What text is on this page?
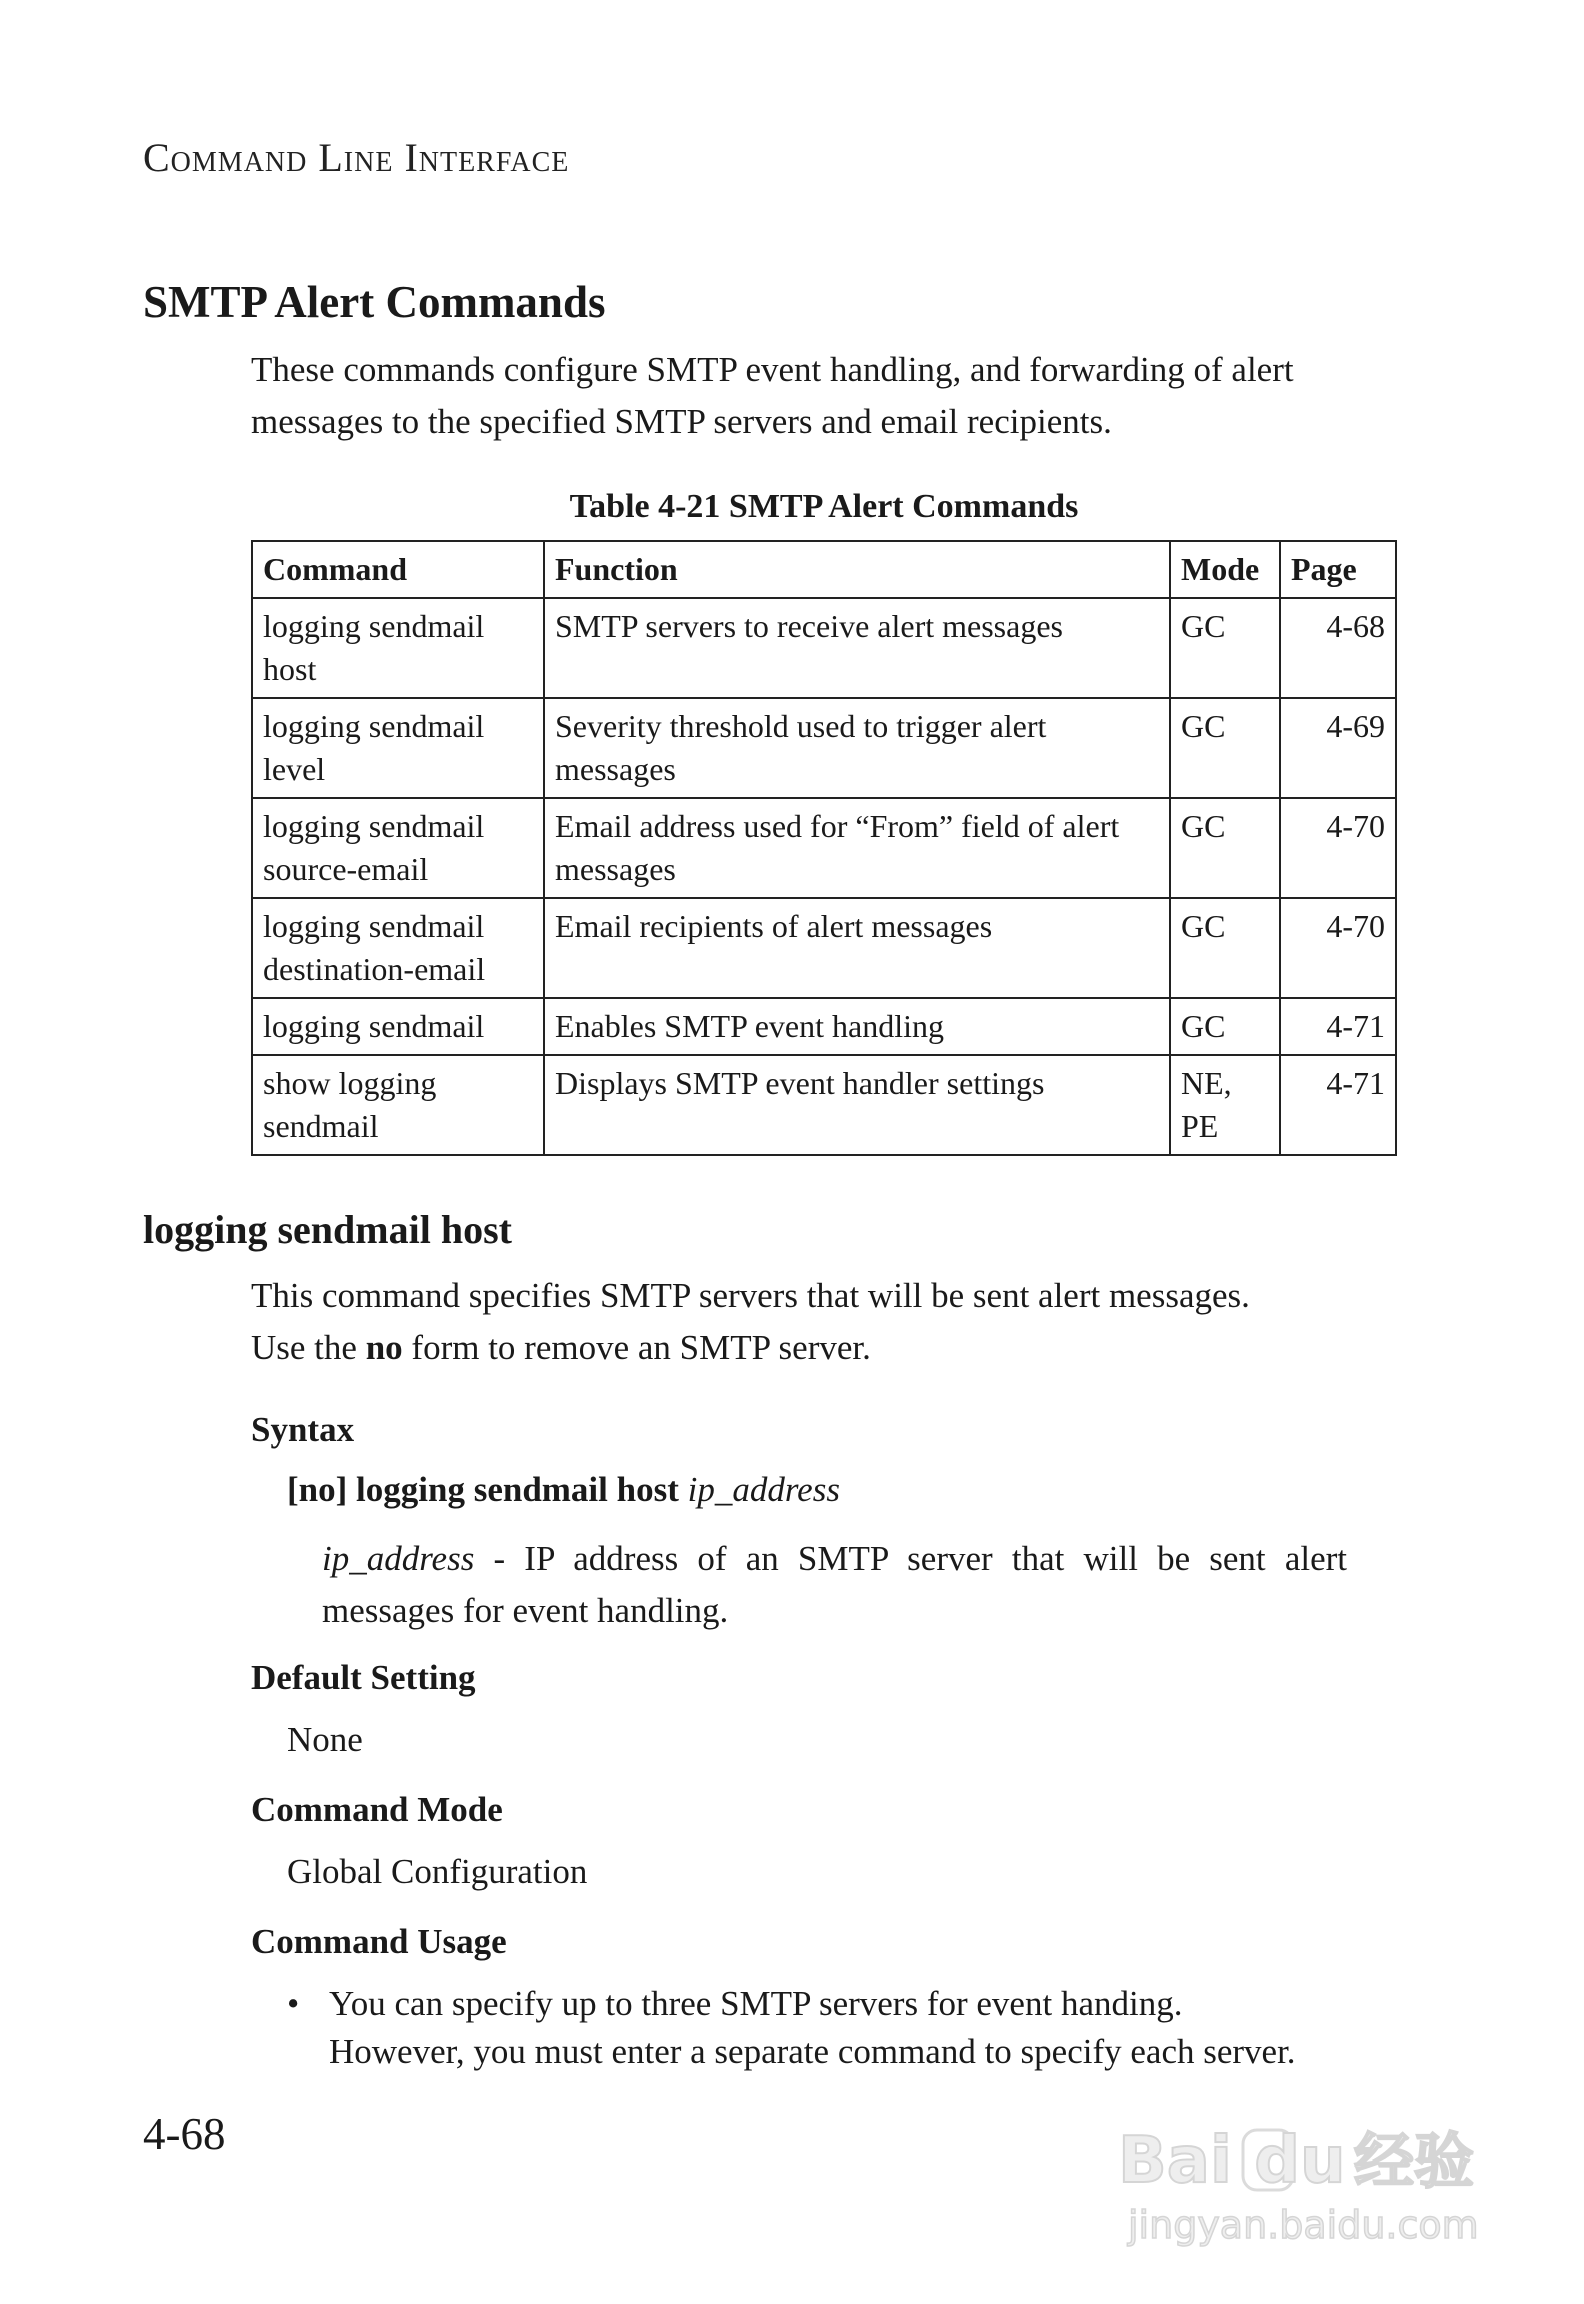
Command Line Interface
SMTP Alert Commands
These commands configure SMTP event handling, and forwarding of alert
messages to the specified SMTP servers and email recipients.
Table 4-21 SMTP Alert Commands
Command	Function	Mode	Page
logging sendmail host	SMTP servers to receive alert messages	GC	4-68
logging sendmail level	Severity threshold used to trigger alert messages	GC	4-69
logging sendmail source-email	Email address used for “From” field of alert messages	GC	4-70
logging sendmail destination-email	Email recipients of alert messages	GC	4-70
logging sendmail	Enables SMTP event handling	GC	4-71
show logging sendmail	Displays SMTP event handler settings	NE, PE	4-71
logging sendmail host
This command specifies SMTP servers that will be sent alert messages.
Use the no form to remove an SMTP server.
Syntax
[no] logging sendmail host ip_address
ip_address - IP address of an SMTP server that will be sent alert messages for event handling.
Default Setting
None
Command Mode
Global Configuration
Command Usage
• You can specify up to three SMTP servers for event handing.
However, you must enter a separate command to specify each server.
4-68	Bai du 经验
jingyan.baidu.com
